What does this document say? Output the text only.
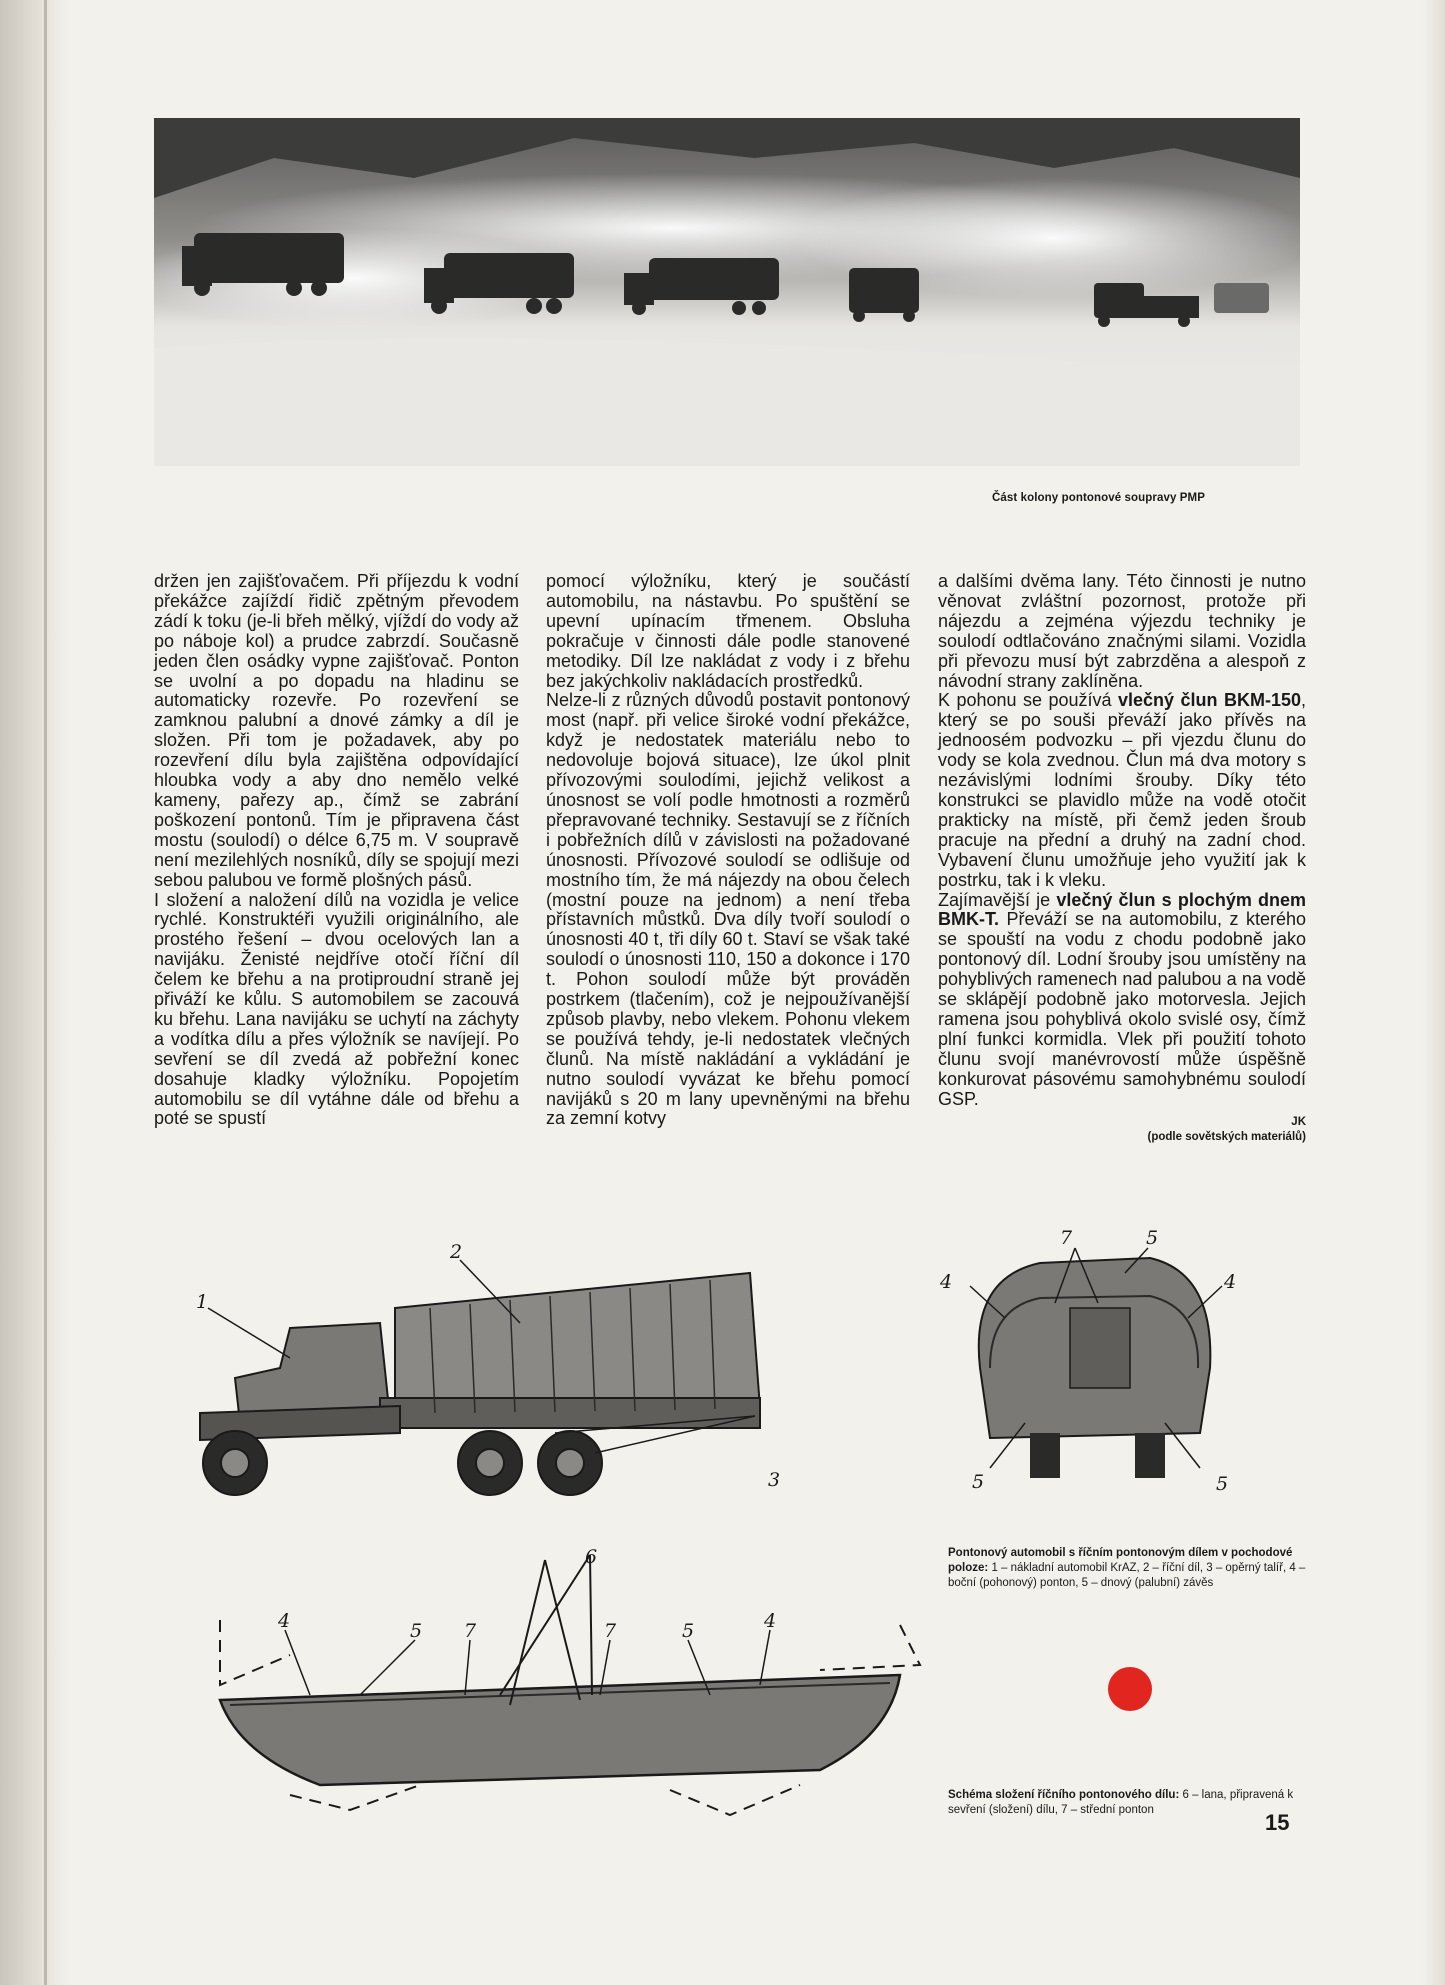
Část kolony pontonové soupravy PMP

držen jen zajišťovačem. Při příjezdu k vodní překážce zajíždí řidič zpětným převodem zádí k toku (je-li břeh mělký, vjíždí do vody až po náboje kol) a prudce zabrzdí. Současně jeden člen osádky vypne zajišťovač. Ponton se uvolní a po dopadu na hladinu se automaticky rozevře. Po rozevření se zamknou palubní a dnové zámky a díl je složen. Při tom je požadavek, aby po rozevření dílu byla zajištěna odpovídající hloubka vody a aby dno nemělo velké kameny, pařezy ap., čímž se zabrání poškození pontonů. Tím je připravena část mostu (soulodí) o délce 6,75 m. V soupravě není mezilehlých nosníků, díly se spojují mezi sebou palubou ve formě plošných pásů.

I složení a naložení dílů na vozidla je velice rychlé. Konstruktéři využili originálního, ale prostého řešení – dvou ocelových lan a navijáku. Ženisté nejdříve otočí říční díl čelem ke břehu a na protiproudní straně jej přiváží ke kůlu. S automobilem se zacouvá ku břehu. Lana navijáku se uchytí na záchyty a vodítka dílu a přes výložník se navíjejí. Po sevření se díl zvedá až pobřežní konec dosahuje kladky výložníku. Popojetím automobilu se díl vytáhne dále od břehu a poté se spustí

pomocí výložníku, který je součástí automobilu, na nástavbu. Po spuštění se upevní upínacím třmenem. Obsluha pokračuje v činnosti dále podle stanovené metodiky. Díl lze nakládat z vody i z břehu bez jakýchkoliv nakládacích prostředků.

Nelze-li z různých důvodů postavit pontonový most (např. při velice široké vodní překážce, když je nedostatek materiálu nebo to nedovoluje bojová situace), lze úkol plnit přívozovými soulodími, jejichž velikost a únosnost se volí podle hmotnosti a rozměrů přepravované techniky. Sestavují se z říčních i pobřežních dílů v závislosti na požadované únosnosti. Přívozové soulodí se odlišuje od mostního tím, že má nájezdy na obou čelech (mostní pouze na jednom) a není třeba přístavních můstků. Dva díly tvoří soulodí o únosnosti 40 t, tři díly 60 t. Staví se však také soulodí o únosnosti 110, 150 a dokonce i 170 t. Pohon soulodí může být prováděn postrkem (tlačením), což je nejpoužívanější způsob plavby, nebo vlekem. Pohonu vlekem se používá tehdy, je-li nedostatek vlečných člunů. Na místě nakládání a vykládání je nutno soulodí vyvázat ke břehu pomocí navijáků s 20 m lany upevněnými na břehu za zemní kotvy

a dalšími dvěma lany. Této činnosti je nutno věnovat zvláštní pozornost, protože při nájezdu a zejména výjezdu techniky je soulodí odtlačováno značnými silami. Vozidla při převozu musí být zabrzděna a alespoň z návodní strany zaklíněna.

K pohonu se používá vlečný člun BKM-150, který se po souši převáží jako přívěs na jednoosém podvozku – při vjezdu člunu do vody se kola zvednou. Člun má dva motory s nezávislými lodními šrouby. Díky této konstrukci se plavidlo může na vodě otočit prakticky na místě, při čemž jeden šroub pracuje na přední a druhý na zadní chod. Vybavení člunu umožňuje jeho využití jak k postrku, tak i k vleku.

Zajímavější je vlečný člun s plochým dnem BMK-T. Převáží se na automobilu, z kterého se spouští na vodu z chodu podobně jako pontonový díl. Lodní šrouby jsou umístěny na pohyblivých ramenech nad palubou a na vodě se sklápějí podobně jako motorvesla. Jejich ramena jsou pohyblivá okolo svislé osy, čímž plní funkci kormidla. Vlek při použití tohoto člunu svojí manévrovostí může úspěšně konkurovat pásovému samohybnému soulodí GSP.

JK
(podle sovětských materiálů)
1
2
3
7	5
4	4
5	5
6
4	5 7	7	5	4
Pontonový automobil s říčním pontonovým dílem v pochodové poloze: 1 – nákladní automobil KrAZ, 2 – říční díl, 3 – opěrný talíř, 4 – boční (pohonový) ponton, 5 – dnový (palubní) závěs
Schéma složení říčního pontonového dílu: 6 – lana, připravená k sevření (složení) dílu, 7 – střední ponton	15
